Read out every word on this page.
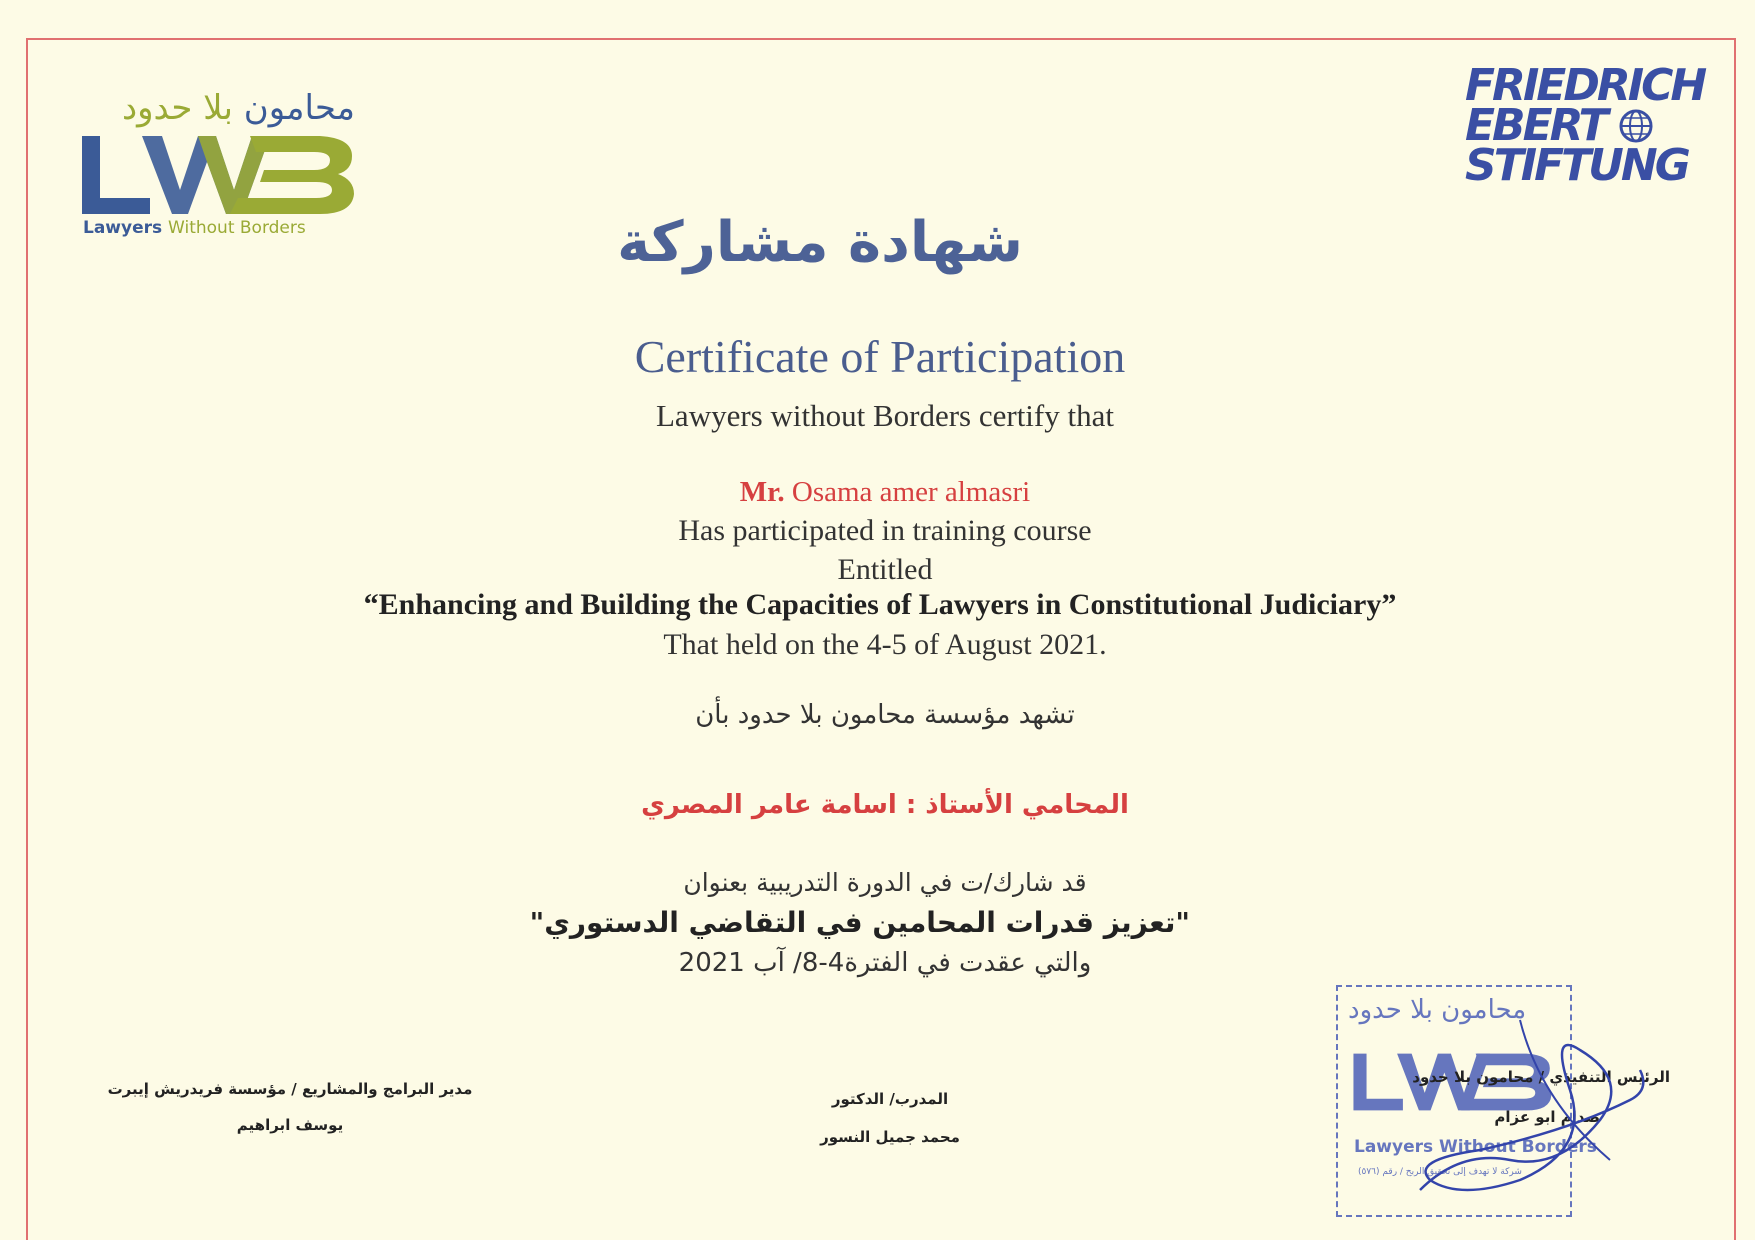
محامون بلا حدود
Lawyers Without Borders
FRIEDRICH
EBERT
STIFTUNG
شهادة مشاركة
Certificate of Participation
Lawyers without Borders certify that
Mr. Osama amer almasri
Has participated in training course
Entitled
“Enhancing and Building the Capacities of Lawyers in Constitutional Judiciary”
That held on the 4-5 of August 2021.
تشهد مؤسسة محامون بلا حدود بأن
المحامي الأستاذ : اسامة عامر المصري
قد شارك/ت في الدورة التدريبية بعنوان
"تعزيز قدرات المحامين في التقاضي الدستوري"
والتي عقدت في الفترة4-8/ آب 2021
مدير البرامج والمشاريع / مؤسسة فريدريش إيبرت
يوسف ابراهيم
المدرب/ الدكتور
محمد جميل النسور
محامون بلا حدود
Lawyers Without Borders
شركة لا تهدف إلى تحقيق الربح / رقم (٥٧٦)
الرئيس التنفيذي / محامون بلا حدود
صدام ابو عزام
